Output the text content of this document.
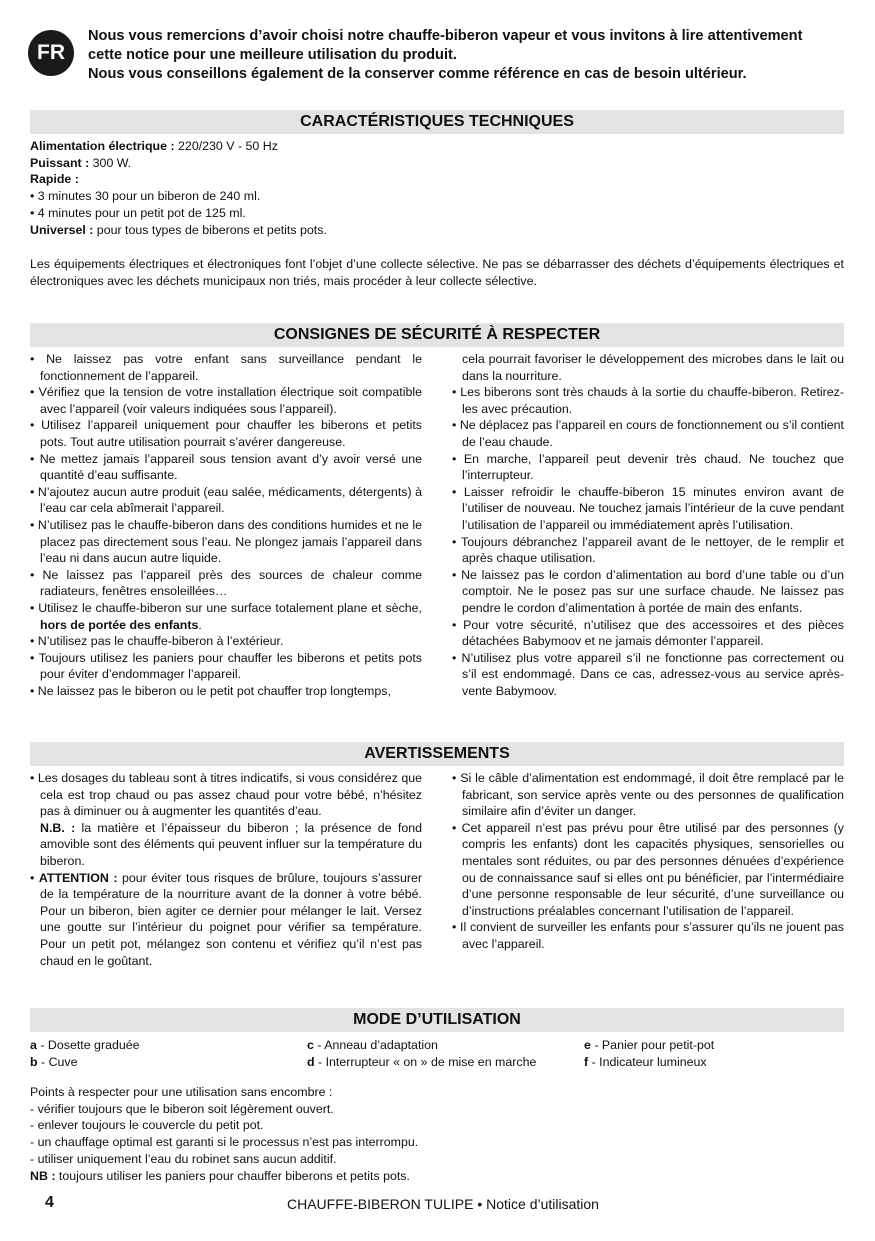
FR
Nous vous remercions d’avoir choisi notre chauffe-biberon vapeur et vous invitons à lire attentivement
cette notice pour une meilleure utilisation du produit.
Nous vous conseillons également de la conserver comme référence en cas de besoin ultérieur.
CARACTÉRISTIQUES TECHNIQUES
Alimentation électrique : 220/230 V - 50 Hz
Puissant : 300 W.
Rapide :
• 3 minutes 30 pour un biberon de 240 ml.
• 4 minutes pour un petit pot de 125 ml.
Universel : pour tous types de biberons et petits pots.
Les équipements électriques et électroniques font l’objet d’une collecte sélective. Ne pas se débarrasser des déchets d’équipements électriques et électroniques avec les déchets municipaux non triés, mais procéder à leur collecte sélective.
CONSIGNES DE SÉCURITÉ À RESPECTER

• Ne laissez pas votre enfant sans surveillance pendant le fonctionnement de l’appareil.

• Vérifiez que la tension de votre installation électrique soit compatible avec l’appareil (voir valeurs indiquées sous l’appareil).

• Utilisez l’appareil uniquement pour chauffer les biberons et petits pots. Tout autre utilisation pourrait s’avérer dangereuse.

• Ne mettez jamais l’appareil sous tension avant d’y avoir versé une quantité d’eau suffisante.

• N’ajoutez aucun autre produit (eau salée, médicaments, détergents) à l’eau car cela abîmerait l’appareil.

• N’utilisez pas le chauffe-biberon dans des conditions humides et ne le placez pas directement sous l’eau. Ne plongez jamais l’appareil dans l’eau ni dans aucun autre liquide.

• Ne laissez pas l’appareil près des sources de chaleur comme radiateurs, fenêtres ensoleillées…

• Utilisez le chauffe-biberon sur une surface totalement plane et sèche, hors de portée des enfants.

• N’utilisez pas le chauffe-biberon à l’extérieur.

• Toujours utilisez les paniers pour chauffer les biberons et petits pots pour éviter d’endommager l’appareil.

• Ne laissez pas le biberon ou le petit pot chauffer trop longtemps,

cela pourrait favoriser le développement des microbes dans le lait ou dans la nourriture.

• Les biberons sont très chauds à la sortie du chauffe-biberon. Retirez-les avec précaution.

• Ne déplacez pas l’appareil en cours de fonctionnement ou s’il contient de l’eau chaude.

• En marche, l’appareil peut devenir très chaud. Ne touchez que l’interrupteur.

• Laisser refroidir le chauffe-biberon 15 minutes environ avant de l’utiliser de nouveau. Ne touchez jamais l’intérieur de la cuve pendant l’utilisation de l’appareil ou immédiatement après l’utilisation.

• Toujours débranchez l’appareil avant de le nettoyer, de le remplir et après chaque utilisation.

• Ne laissez pas le cordon d’alimentation au bord d’une table ou d’un comptoir. Ne le posez pas sur une surface chaude. Ne laissez pas pendre le cordon d’alimentation à portée de main des enfants.

• Pour votre sécurité, n’utilisez que des accessoires et des pièces détachées Babymoov et ne jamais démonter l’appareil.

• N’utilisez plus votre appareil s’il ne fonctionne pas correctement ou s’il est endommagé. Dans ce cas, adressez-vous au service après-vente Babymoov.

AVERTISSEMENTS

• Les dosages du tableau sont à titres indicatifs, si vous considérez que cela est trop chaud ou pas assez chaud pour votre bébé, n’hésitez pas à diminuer ou à augmenter les quantités d’eau.
N.B. : la matière et l’épaisseur du biberon ; la présence de fond amovible sont des éléments qui peuvent influer sur la température du biberon.

• ATTENTION : pour éviter tous risques de brûlure, toujours s’assurer de la température de la nourriture avant de la donner à votre bébé. Pour un biberon, bien agiter ce dernier pour mélanger le lait. Versez une goutte sur l’intérieur du poignet pour vérifier sa température. Pour un petit pot, mélangez son contenu et vérifiez qu’il n’est pas chaud en le goûtant.

• Si le câble d’alimentation est endommagé, il doit être remplacé par le fabricant, son service après vente ou des personnes de qualification similaire afin d’éviter un danger.

• Cet appareil n’est pas prévu pour être utilisé par des personnes (y compris les enfants) dont les capacités physiques, sensorielles ou mentales sont réduites, ou par des personnes dénuées d’expérience ou de connaissance sauf si elles ont pu bénéficier, par l’intermédiaire d’une personne responsable de leur sécurité, d’une surveillance ou d’instructions préalables concernant l’utilisation de l’appareil.

• Il convient de surveiller les enfants pour s’assurer qu’ils ne jouent pas avec l’appareil.

MODE D’UTILISATION
a - Dosette graduée
b - Cuve
c - Anneau d’adaptation
d - Interrupteur « on » de mise en marche
e - Panier pour petit-pot
f - Indicateur lumineux
Points à respecter pour une utilisation sans encombre :
- vérifier toujours que le biberon soit légèrement ouvert.
- enlever toujours le couvercle du petit pot.
- un chauffage optimal est garanti si le processus n’est pas interrompu.
- utiliser uniquement l’eau du robinet sans aucun additif.
NB : toujours utiliser les paniers pour chauffer biberons et petits pots.
4	CHAUFFE-BIBERON TULIPE • Notice d’utilisation
